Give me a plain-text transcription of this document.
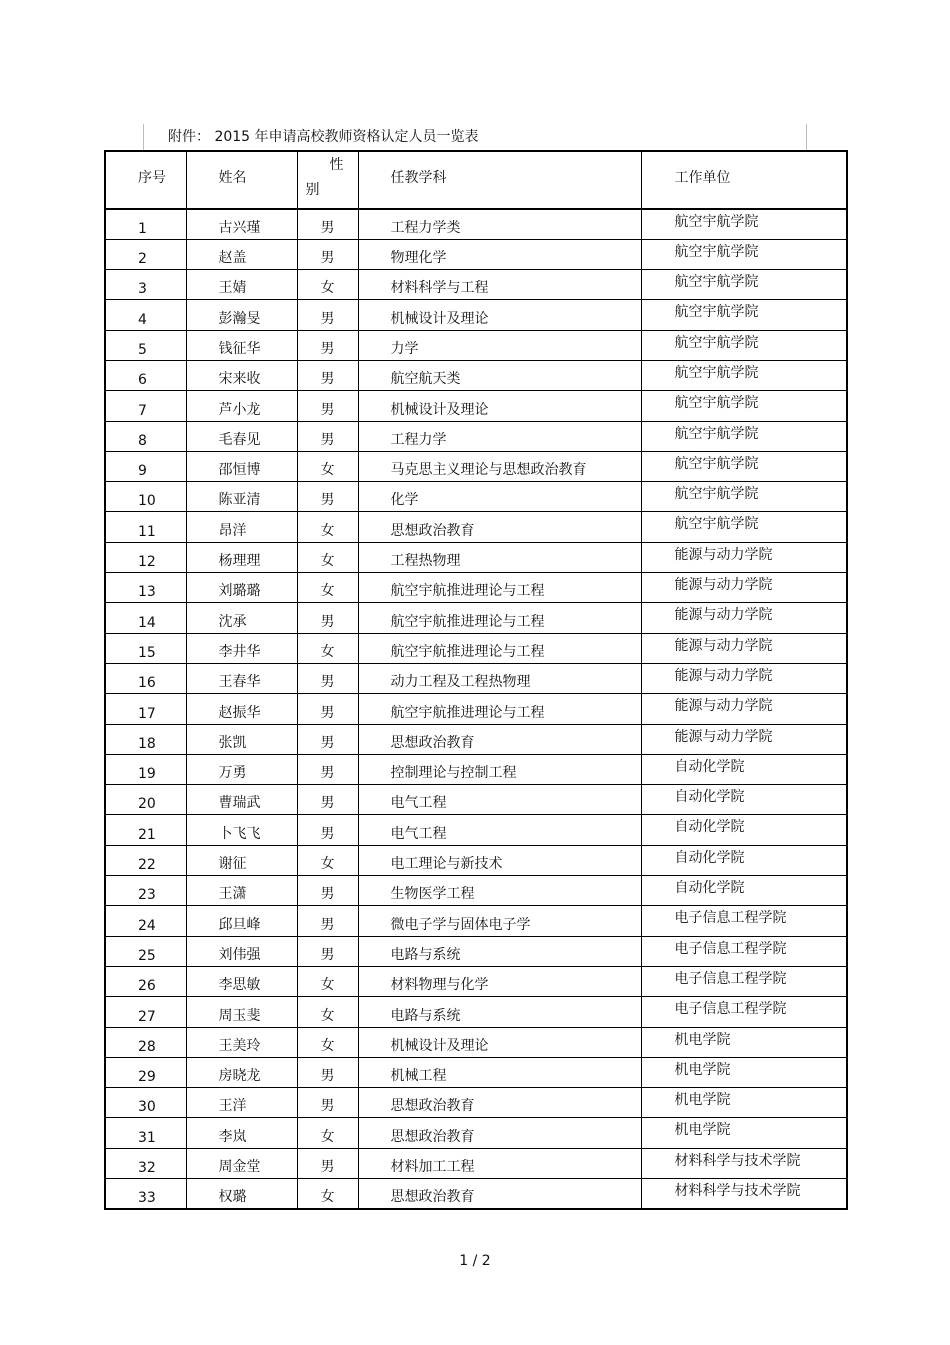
附件： 2015 年申请高校教师资格认定人员一览表
序号	姓名	性
别	任教学科	工作单位
1	古兴瑾	男	工程力学类	航空宇航学院
2	赵盖	男	物理化学	航空宇航学院
3	王婧	女	材料科学与工程	航空宇航学院
4	彭瀚旻	男	机械设计及理论	航空宇航学院
5	钱征华	男	力学	航空宇航学院
6	宋来收	男	航空航天类	航空宇航学院
7	芦小龙	男	机械设计及理论	航空宇航学院
8	毛春见	男	工程力学	航空宇航学院
9	邵恒博	女	马克思主义理论与思想政治教育	航空宇航学院
10	陈亚清	男	化学	航空宇航学院
11	昂洋	女	思想政治教育	航空宇航学院
12	杨理理	女	工程热物理	能源与动力学院
13	刘璐璐	女	航空宇航推进理论与工程	能源与动力学院
14	沈承	男	航空宇航推进理论与工程	能源与动力学院
15	李井华	女	航空宇航推进理论与工程	能源与动力学院
16	王春华	男	动力工程及工程热物理	能源与动力学院
17	赵振华	男	航空宇航推进理论与工程	能源与动力学院
18	张凯	男	思想政治教育	能源与动力学院
19	万勇	男	控制理论与控制工程	自动化学院
20	曹瑞武	男	电气工程	自动化学院
21	卜飞飞	男	电气工程	自动化学院
22	谢征	女	电工理论与新技术	自动化学院
23	王潇	男	生物医学工程	自动化学院
24	邱旦峰	男	微电子学与固体电子学	电子信息工程学院
25	刘伟强	男	电路与系统	电子信息工程学院
26	李思敏	女	材料物理与化学	电子信息工程学院
27	周玉斐	女	电路与系统	电子信息工程学院
28	王美玲	女	机械设计及理论	机电学院
29	房晓龙	男	机械工程	机电学院
30	王洋	男	思想政治教育	机电学院
31	李岚	女	思想政治教育	机电学院
32	周金堂	男	材料加工工程	材料科学与技术学院
33	权璐	女	思想政治教育	材料科学与技术学院
1 / 2
